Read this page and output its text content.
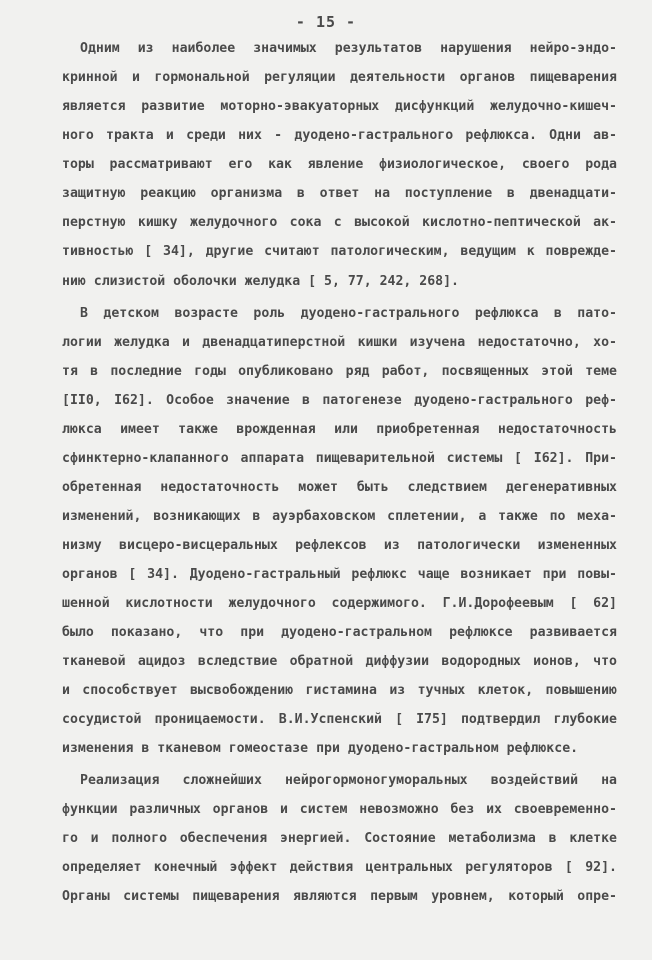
- 15 -
Одним из наиболее значимых результатов нарушения нейро-эндо-
кринной и гормональной регуляции деятельности органов пищеварения
является развитие моторно-эвакуаторных дисфункций желудочно-кишеч-
ного тракта и среди них - дуодено-гастрального рефлюкса. Одни ав-
торы рассматривают его как явление физиологическое, своего рода
защитную реакцию организма в ответ на поступление в двенадцати-
перстную кишку желудочного сока с высокой кислотно-пептической ак-
тивностью [ 34], другие считают патологическим, ведущим к поврежде-
нию слизистой оболочки желудка [ 5, 77, 242, 268].
В детском возрасте роль дуодено-гастрального рефлюкса в пато-
логии желудка и двенадцатиперстной кишки изучена недостаточно, хо-
тя в последние годы опубликовано ряд работ, посвященных этой теме
[ІІ0, І62]. Особое значение в патогенезе дуодено-гастрального реф-
люкса имеет также врожденная или приобретенная недостаточность
сфинктерно-клапанного аппарата пищеварительной системы [ І62]. При-
обретенная недостаточность может быть следствием дегенеративных
изменений, возникающих в ауэрбаховском сплетении, а также по меха-
низму висцеро-висцеральных рефлексов из патологически измененных
органов [ 34]. Дуодено-гастральный рефлюкс чаще возникает при повы-
шенной кислотности желудочного содержимого. Г.И.Дорофеевым [ 62]
было показано, что при дуодено-гастральном рефлюксе развивается
тканевой ацидоз вследствие обратной диффузии водородных ионов, что
и способствует высвобождению гистамина из тучных клеток, повышению
сосудистой проницаемости. В.И.Успенский [ І75] подтвердил глубокие
изменения в тканевом гомеостазе при дуодено-гастральном рефлюксе.
Реализация сложнейших нейрогормоногуморальных воздействий на
функции различных органов и систем невозможно без их своевременно-
го и полного обеспечения энергией. Состояние метаболизма в клетке
определяет конечный эффект действия центральных регуляторов [ 92].
Органы системы пищеварения являются первым уровнем, который опре-
